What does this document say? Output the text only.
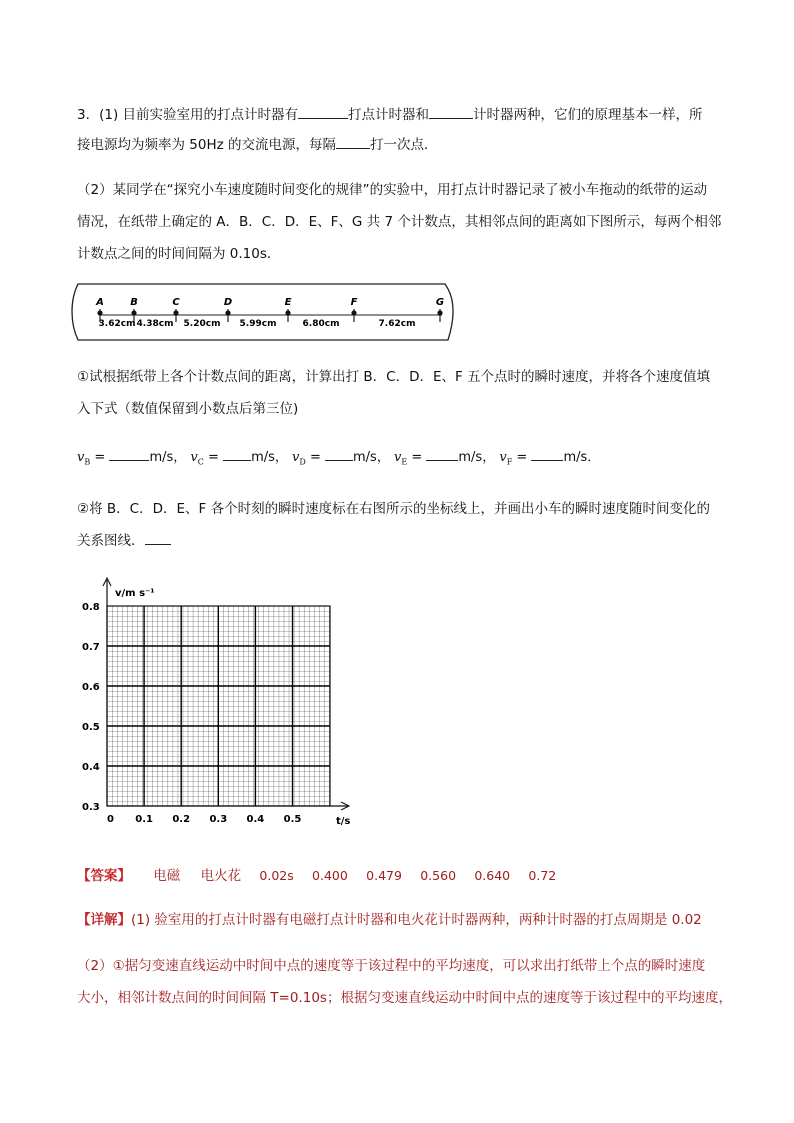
3．(1) 目前实验室用的打点计时器有	打点计时器和	计时器两种，它们的原理基本一样，所
接电源均为频率为 50Hz 的交流电源，每隔	打一次点．
（2）某同学在“探究小车速度随时间变化的规律”的实验中，用打点计时器记录了被小车拖动的纸带的运动
情况，在纸带上确定的 A．B．C．D．E、F、G 共 7 个计数点，其相邻点间的距离如下图所示，每两个相邻
计数点之间的时间间隔为 0.10s．
A	B	C	D	E	F	G
3.62cm 4.38cm 5.20cm 5.99cm	6.80cm	7.62cm
①试根据纸带上各个计数点间的距离，计算出打 B．C．D．E、F 五个点时的瞬时速度，并将各个速度值填
入下式（数值保留到小数点后第三位)
$v_B$ =	m/s， $v_C = m/s$， $v_D = m/s$， $v_E$ =	m/s， $v_F$ =	m/s．
②将 B．C．D．E、F 各个时刻的瞬时速度标在右图所示的坐标线上，并画出小车的瞬时速度随时间变化的
关系图线．
v/m s⁻¹
t/s
0.8
0.7
0.6
0.5
0.4
0.3
0 0.1 0.2 0.3 0.4 0.5
【答案】 电磁 电火花 0.02s 0.400 0.479 0.560 0.640 0.72
【详解】(1) 验室用的打点计时器有电磁打点计时器和电火花计时器两种，两种计时器的打点周期是 0.02
（2）①据匀变速直线运动中时间中点的速度等于该过程中的平均速度，可以求出打纸带上个点的瞬时速度
大小，相邻计数点间的时间间隔 T=0.10s；根据匀变速直线运动中时间中点的速度等于该过程中的平均速度，
